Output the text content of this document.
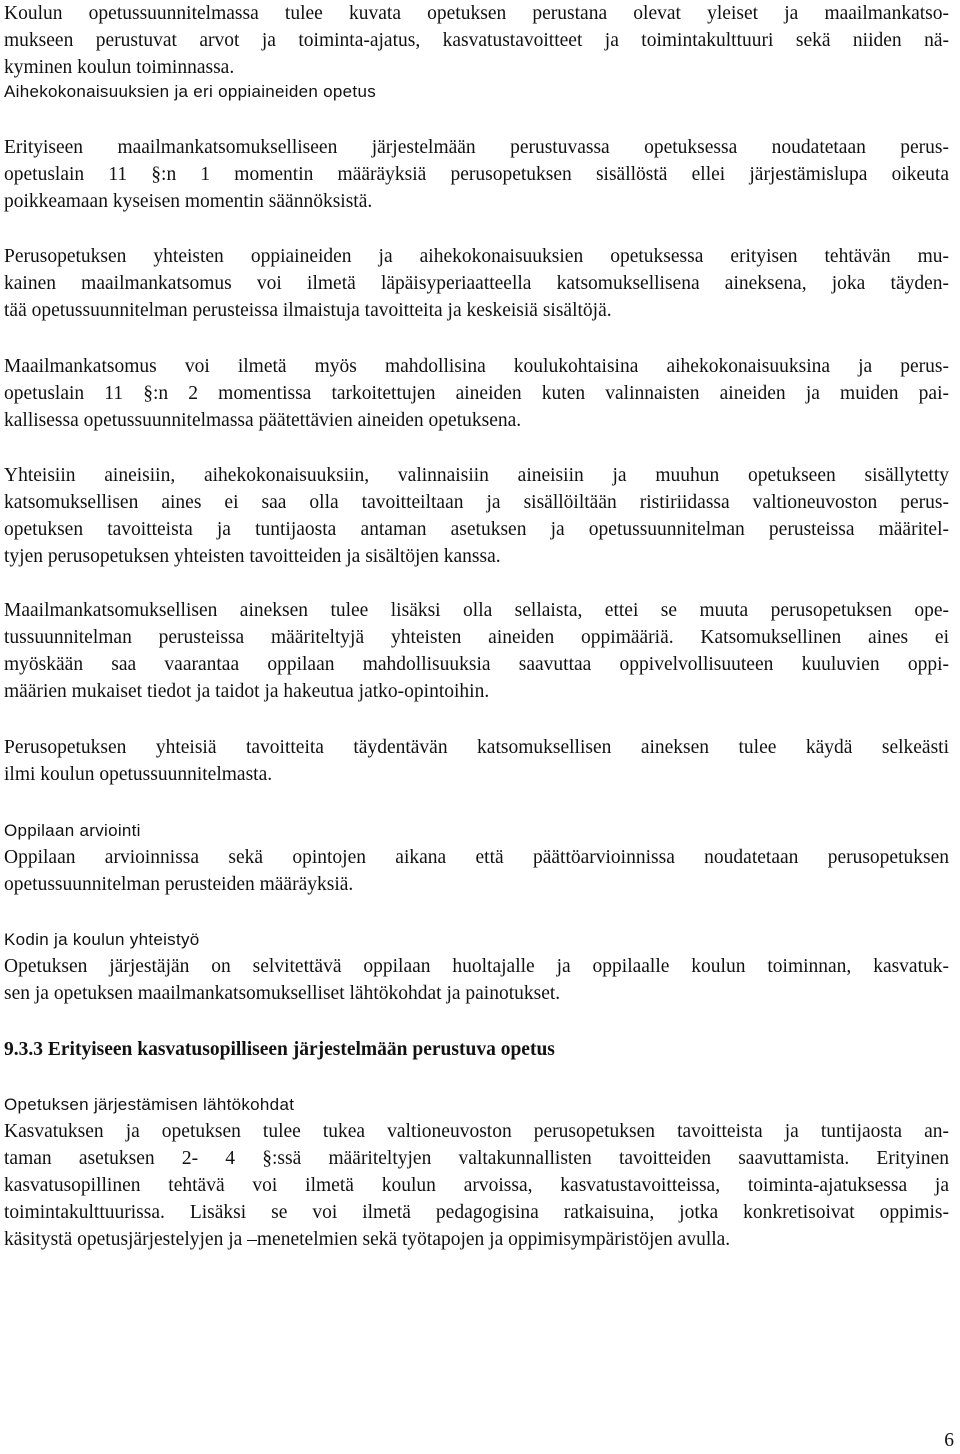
Koulun opetussuunnitelmassa tulee kuvata opetuksen perustana olevat yleiset ja maailmankatso-
mukseen perustuvat arvot ja toiminta-ajatus, kasvatustavoitteet ja toimintakulttuuri sekä niiden nä-
kyminen koulun toiminnassa.
Aihekokonaisuuksien ja eri oppiaineiden opetus
Erityiseen maailmankatsomukselliseen järjestelmään perustuvassa opetuksessa noudatetaan perus-
opetuslain 11 §:n 1 momentin määräyksiä perusopetuksen sisällöstä ellei järjestämislupa oikeuta
poikkeamaan kyseisen momentin säännöksistä.
Perusopetuksen yhteisten oppiaineiden ja aihekokonaisuuksien opetuksessa erityisen tehtävän mu-
kainen maailmankatsomus voi ilmetä läpäisyperiaatteella katsomuksellisena aineksena, joka täyden-
tää opetussuunnitelman perusteissa ilmaistuja tavoitteita ja keskeisiä sisältöjä.
Maailmankatsomus voi ilmetä myös mahdollisina koulukohtaisina aihekokonaisuuksina ja perus-
opetuslain 11 §:n 2 momentissa tarkoitettujen aineiden kuten valinnaisten aineiden ja muiden pai-
kallisessa opetussuunnitelmassa päätettävien aineiden opetuksena.
Yhteisiin aineisiin, aihekokonaisuuksiin, valinnaisiin aineisiin ja muuhun opetukseen sisällytetty
katsomuksellisen aines ei saa olla tavoitteiltaan ja sisällöiltään ristiriidassa valtioneuvoston perus-
opetuksen tavoitteista ja tuntijaosta antaman asetuksen ja opetussuunnitelman perusteissa määritel-
tyjen perusopetuksen yhteisten tavoitteiden ja sisältöjen kanssa.
Maailmankatsomuksellisen aineksen tulee lisäksi olla sellaista, ettei se muuta perusopetuksen ope-
tussuunnitelman perusteissa määriteltyjä yhteisten aineiden oppimääriä. Katsomuksellinen aines ei
myöskään saa vaarantaa oppilaan mahdollisuuksia saavuttaa oppivelvollisuuteen kuuluvien oppi-
määrien mukaiset tiedot ja taidot ja hakeutua jatko-opintoihin.
Perusopetuksen yhteisiä tavoitteita täydentävän katsomuksellisen aineksen tulee käydä selkeästi
ilmi koulun opetussuunnitelmasta.
Oppilaan arviointi
Oppilaan arvioinnissa sekä opintojen aikana että päättöarvioinnissa noudatetaan perusopetuksen
opetussuunnitelman perusteiden määräyksiä.
Kodin ja koulun yhteistyö
Opetuksen järjestäjän on selvitettävä oppilaan huoltajalle ja oppilaalle koulun toiminnan, kasvatuk-
sen ja opetuksen maailmankatsomukselliset lähtökohdat ja painotukset.
9.3.3 Erityiseen kasvatusopilliseen järjestelmään perustuva opetus
Opetuksen järjestämisen lähtökohdat
Kasvatuksen ja opetuksen tulee tukea valtioneuvoston perusopetuksen tavoitteista ja tuntijaosta an-
taman asetuksen 2- 4 §:ssä määriteltyjen valtakunnallisten tavoitteiden saavuttamista. Erityinen
kasvatusopillinen tehtävä voi ilmetä koulun arvoissa, kasvatustavoitteissa, toiminta-ajatuksessa ja
toimintakulttuurissa. Lisäksi se voi ilmetä pedagogisina ratkaisuina, jotka konkretisoivat oppimis-
käsitystä opetusjärjestelyjen ja –menetelmien sekä työtapojen ja oppimisympäristöjen avulla.
6
